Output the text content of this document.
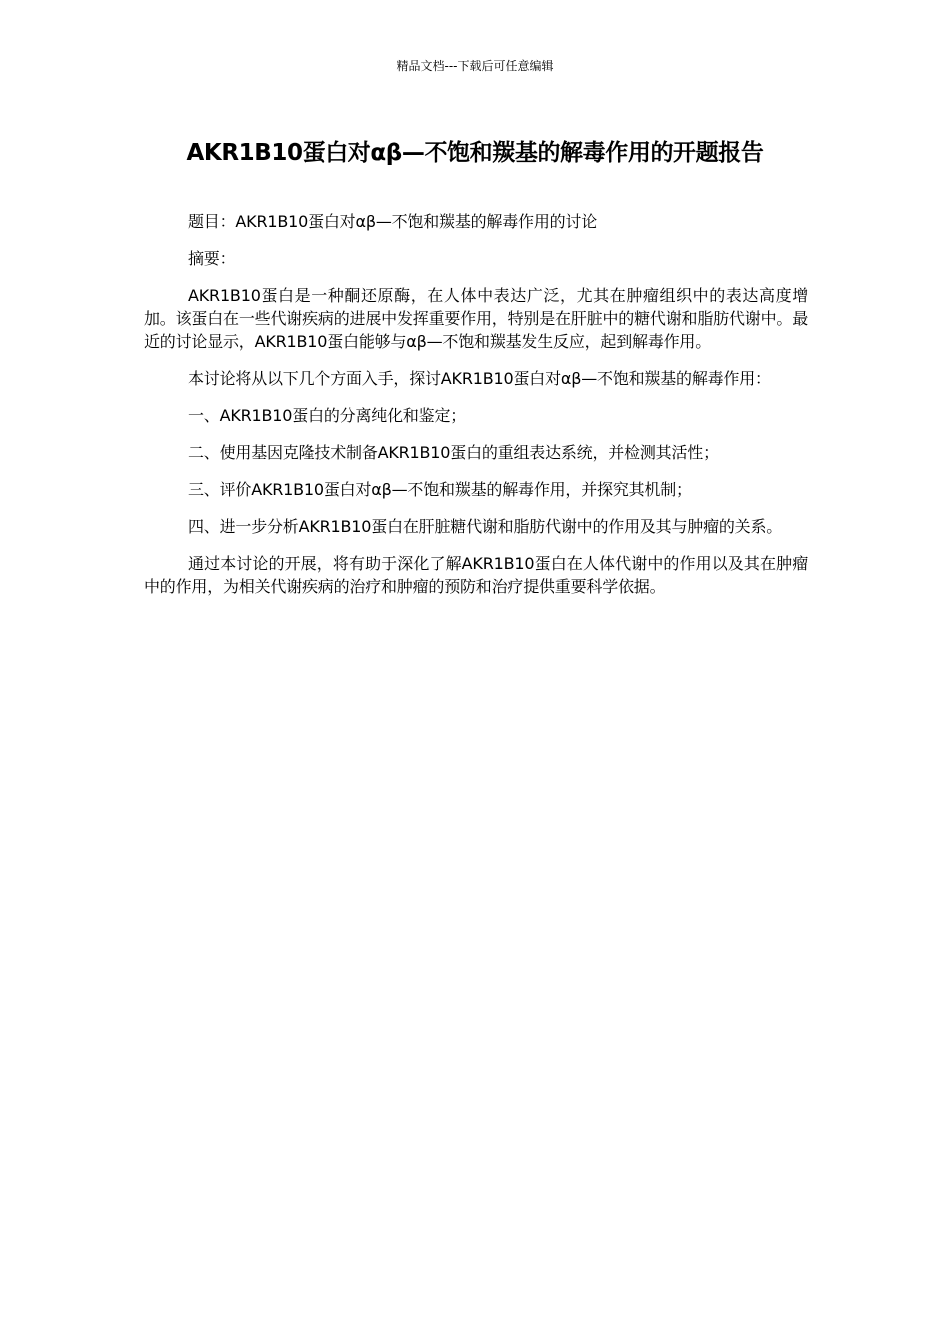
精品文档---下载后可任意编辑
AKR1B10蛋白对αβ—不饱和羰基的解毒作用的开题报告

题目：AKR1B10蛋白对αβ—不饱和羰基的解毒作用的讨论

摘要：

AKR1B10蛋白是一种酮还原酶，在人体中表达广泛，尤其在肿瘤组织中的表达高度增加。该蛋白在一些代谢疾病的进展中发挥重要作用，特别是在肝脏中的糖代谢和脂肪代谢中。最近的讨论显示，AKR1B10蛋白能够与αβ—不饱和羰基发生反应，起到解毒作用。

本讨论将从以下几个方面入手，探讨AKR1B10蛋白对αβ—不饱和羰基的解毒作用：

一、AKR1B10蛋白的分离纯化和鉴定；

二、使用基因克隆技术制备AKR1B10蛋白的重组表达系统，并检测其活性；

三、评价AKR1B10蛋白对αβ—不饱和羰基的解毒作用，并探究其机制；

四、进一步分析AKR1B10蛋白在肝脏糖代谢和脂肪代谢中的作用及其与肿瘤的关系。

通过本讨论的开展，将有助于深化了解AKR1B10蛋白在人体代谢中的作用以及其在肿瘤中的作用，为相关代谢疾病的治疗和肿瘤的预防和治疗提供重要科学依据。
